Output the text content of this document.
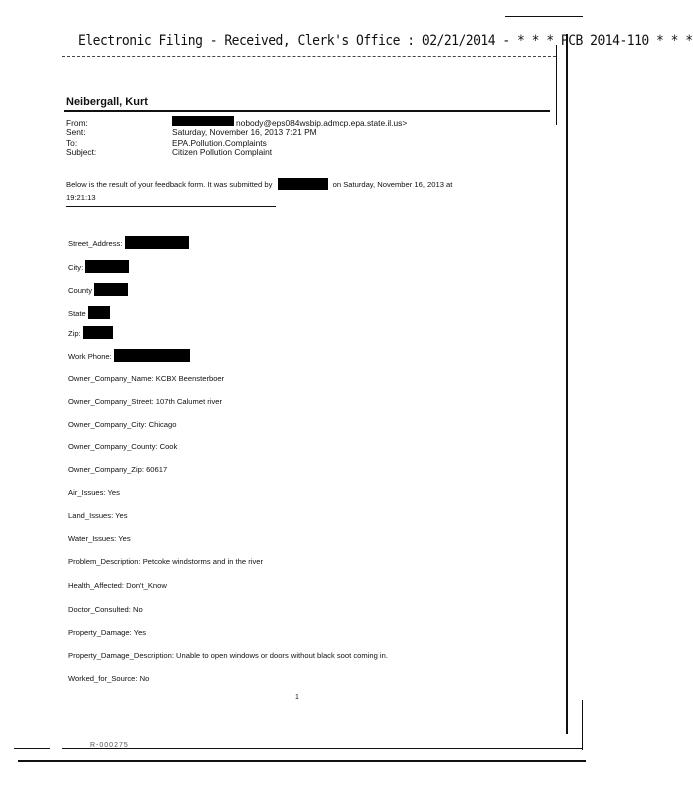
Electronic Filing - Received, Clerk's Office : 02/21/2014 - * * * PCB 2014-110 * * *
Neibergall, Kurt
From:	nobody@eps084wsbip.admcp.epa.state.il.us>
Sent:	Saturday, November 16, 2013 7:21 PM
To:	EPA.Pollution.Complaints
Subject:	Citizen Pollution Complaint
Below is the result of your feedback form. It was submitted by	on Saturday, November 16, 2013 at
19:21:13
Street_Address:
City:
County
State
Zip:
Work Phone:
Owner_Company_Name: KCBX Beensterboer
Owner_Company_Street: 107th Calumet river
Owner_Company_City: Chicago
Owner_Company_County: Cook
Owner_Company_Zip: 60617
Air_Issues: Yes
Land_Issues: Yes
Water_Issues: Yes
Problem_Description: Petcoke windstorms and in the river
Health_Affected: Don't_Know
Doctor_Consulted: No
Property_Damage: Yes
Property_Damage_Description: Unable to open windows or doors without black soot coming in.
Worked_for_Source: No
1
R-000275
